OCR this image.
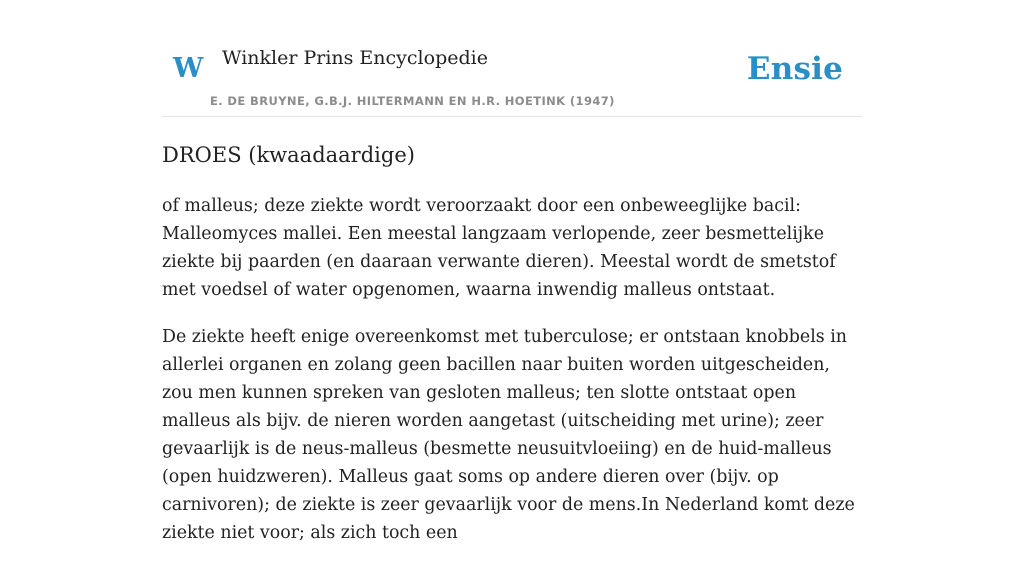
W Winkler Prins Encyclopedie
E. DE BRUYNE, G.B.J. HILTERMANN EN H.R. HOETINK (1947)
Ensie
DROES (kwaadaardige)

of malleus; deze ziekte wordt veroorzaakt door een onbeweeglijke bacil: Malleomyces mallei. Een meestal langzaam verlopende, zeer besmettelijke ziekte bij paarden (en daaraan verwante dieren). Meestal wordt de smetstof met voedsel of water opgenomen, waarna inwendig malleus ontstaat.

De ziekte heeft enige overeenkomst met tuberculose; er ontstaan knobbels in allerlei organen en zolang geen bacillen naar buiten worden uitgescheiden, zou men kunnen spreken van gesloten malleus; ten slotte ontstaat open malleus als bijv. de nieren worden aangetast (uitscheiding met urine); zeer gevaarlijk is de neus-malleus (besmette neusuitvloeiing) en de huid-malleus (open huidzweren). Malleus gaat soms op andere dieren over (bijv. op carnivoren); de ziekte is zeer gevaarlijk voor de mens.In Nederland komt deze ziekte niet voor; als zich toch een
